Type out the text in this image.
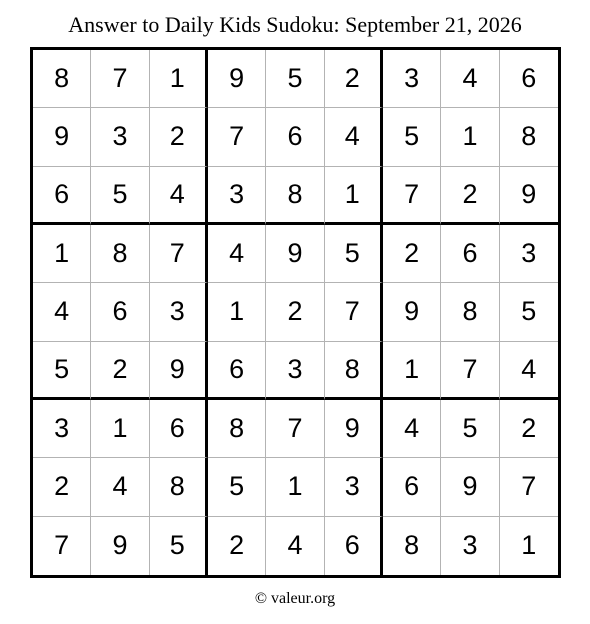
Answer to Daily Kids Sudoku: September 21, 2026
8	7	1	9	5	2	3	4	6
9	3	2	7	6	4	5	1	8
6	5	4	3	8	1	7	2	9
1	8	7	4	9	5	2	6	3
4	6	3	1	2	7	9	8	5
5	2	9	6	3	8	1	7	4
3	1	6	8	7	9	4	5	2
2	4	8	5	1	3	6	9	7
7	9	5	2	4	6	8	3	1
© valeur.org
